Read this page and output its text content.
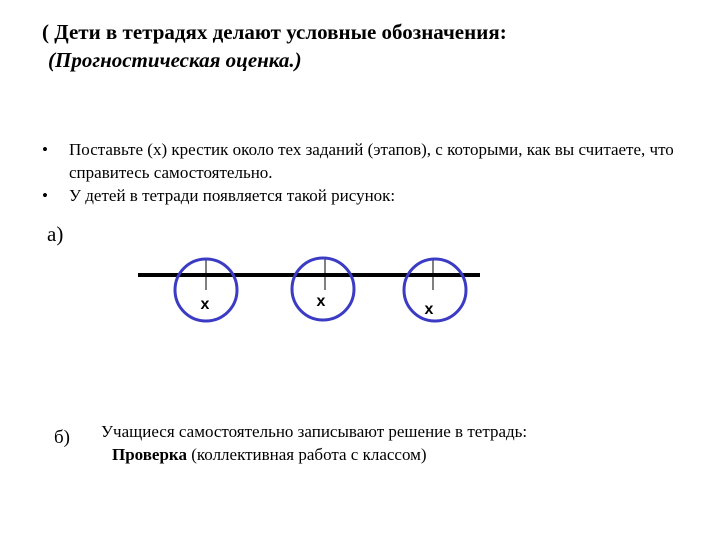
( Дети в тетрадях делают условные обозначения:
(Прогностическая оценка.)
• Поставьте (х) крестик около тех заданий (этапов), с которыми, как вы считаете, что справитесь самостоятельно.
• У детей в тетради появляется такой рисунок:
а)
х	х	х
б) Учащиеся самостоятельно записывают решение в тетрадь:
Проверка (коллективная работа с классом)
